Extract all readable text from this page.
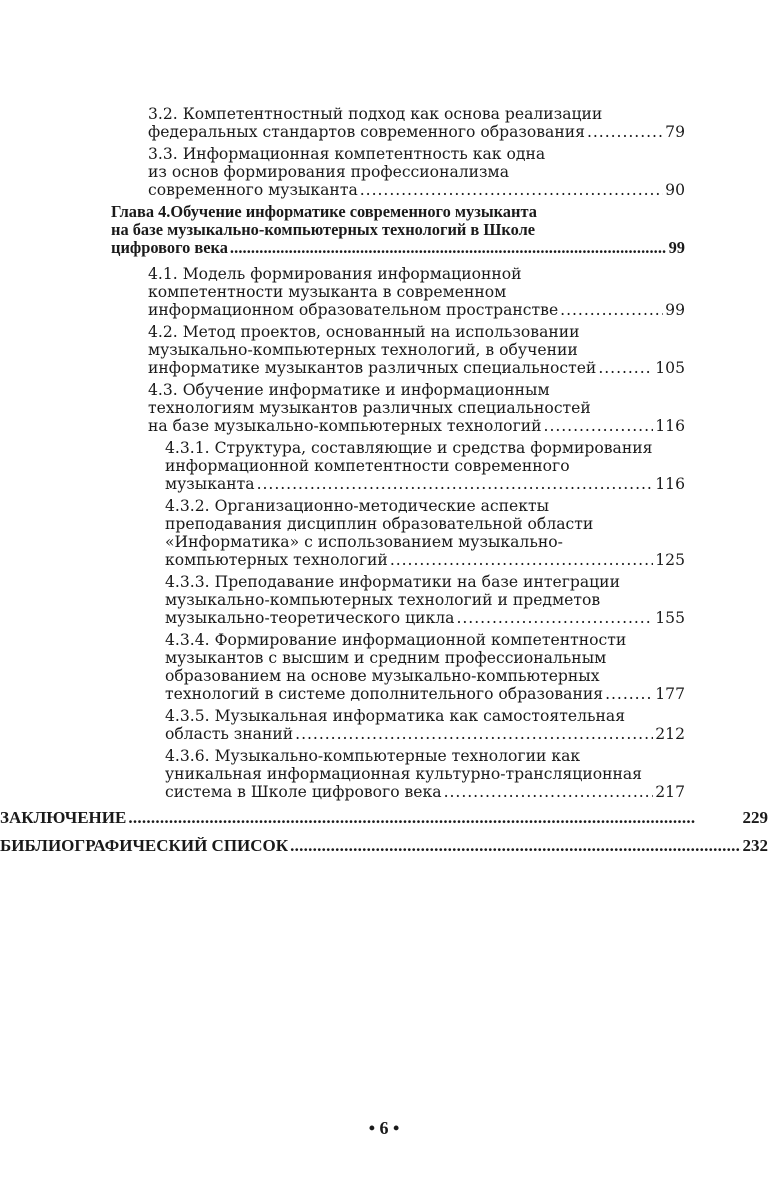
3.2. Компетентностный подход как основа реализации
федеральных стандартов современного образования . . .	79
3.3. Информационная компетентность как одна
из основ формирования профессионализма
современного музыканта . . .	90
Глава 4.Обучение информатике современного музыканта
на базе музыкально-компьютерных технологий в Школе
цифрового века . . .	99
4.1. Модель формирования информационной
компетентности музыканта в современном
информационном образовательном пространстве . . .	99
4.2. Метод проектов, основанный на использовании
музыкально-компьютерных технологий, в обучении
информатике музыкантов различных специальностей . . .	105
4.3. Обучение информатике и информационным
технологиям музыкантов различных специальностей
на базе музыкально-компьютерных технологий . . .	116
4.3.1. Структура, составляющие и средства формирования
информационной компетентности современного
музыканта . . .	116
4.3.2. Организационно-методические аспекты
преподавания дисциплин образовательной области
«Информатика» с использованием музыкально-
компьютерных технологий . . .	125
4.3.3. Преподавание информатики на базе интеграции
музыкально-компьютерных технологий и предметов
музыкально-теоретического цикла . . .	155
4.3.4. Формирование информационной компетентности
музыкантов с высшим и средним профессиональным
образованием на основе музыкально-компьютерных
технологий в системе дополнительного образования . . .	177
4.3.5. Музыкальная информатика как самостоятельная
область знаний . . .	212
4.3.6. Музыкально-компьютерные технологии как
уникальная информационная культурно-трансляционная
система в Школе цифрового века . . .	217
ЗАКЛЮЧЕНИЕ . . .	229
БИБЛИОГРАФИЧЕСКИЙ СПИСОК . . .	232
• 6 •
